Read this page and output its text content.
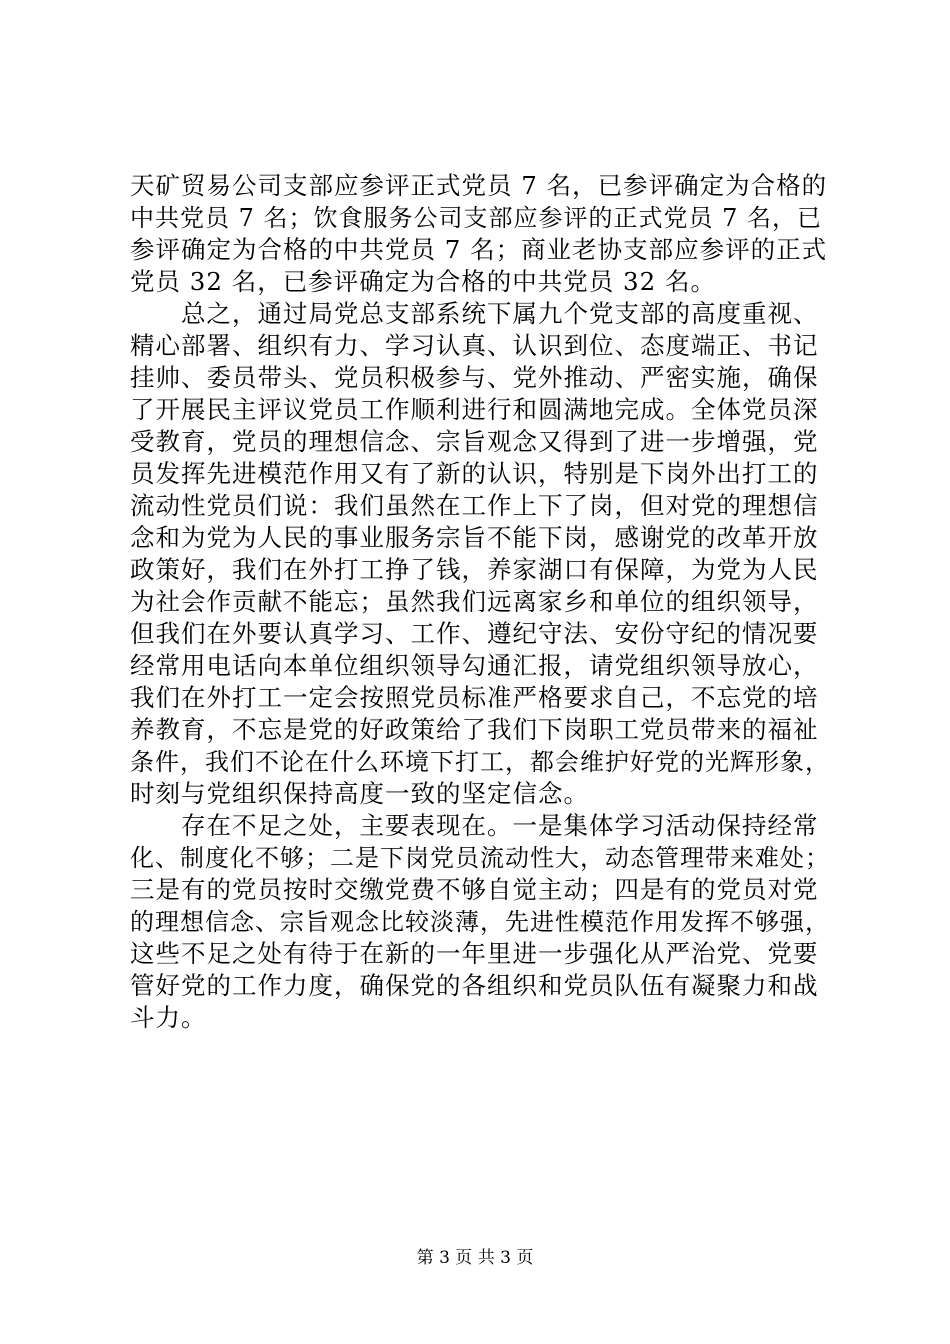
天矿贸易公司支部应参评正式党员 7 名，已参评确定为合格的
中共党员 7 名；饮食服务公司支部应参评的正式党员 7 名，已
参评确定为合格的中共党员 7 名；商业老协支部应参评的正式
党员 32 名，已参评确定为合格的中共党员 32 名。
　　总之，通过局党总支部系统下属九个党支部的高度重视、
精心部署、组织有力、学习认真、认识到位、态度端正、书记
挂帅、委员带头、党员积极参与、党外推动、严密实施，确保
了开展民主评议党员工作顺利进行和圆满地完成。全体党员深
受教育，党员的理想信念、宗旨观念又得到了进一步增强，党
员发挥先进模范作用又有了新的认识，特别是下岗外出打工的
流动性党员们说：我们虽然在工作上下了岗，但对党的理想信
念和为党为人民的事业服务宗旨不能下岗，感谢党的改革开放
政策好，我们在外打工挣了钱，养家湖口有保障，为党为人民
为社会作贡献不能忘；虽然我们远离家乡和单位的组织领导，
但我们在外要认真学习、工作、遵纪守法、安份守纪的情况要
经常用电话向本单位组织领导勾通汇报，请党组织领导放心，
我们在外打工一定会按照党员标准严格要求自己，不忘党的培
养教育，不忘是党的好政策给了我们下岗职工党员带来的福祉
条件，我们不论在什么环境下打工，都会维护好党的光辉形象，
时刻与党组织保持高度一致的坚定信念。
　　存在不足之处，主要表现在。一是集体学习活动保持经常
化、制度化不够；二是下岗党员流动性大，动态管理带来难处；
三是有的党员按时交缴党费不够自觉主动；四是有的党员对党
的理想信念、宗旨观念比较淡薄，先进性模范作用发挥不够强，
这些不足之处有待于在新的一年里进一步强化从严治党、党要
管好党的工作力度，确保党的各组织和党员队伍有凝聚力和战
斗力。
第 3 页 共 3 页
